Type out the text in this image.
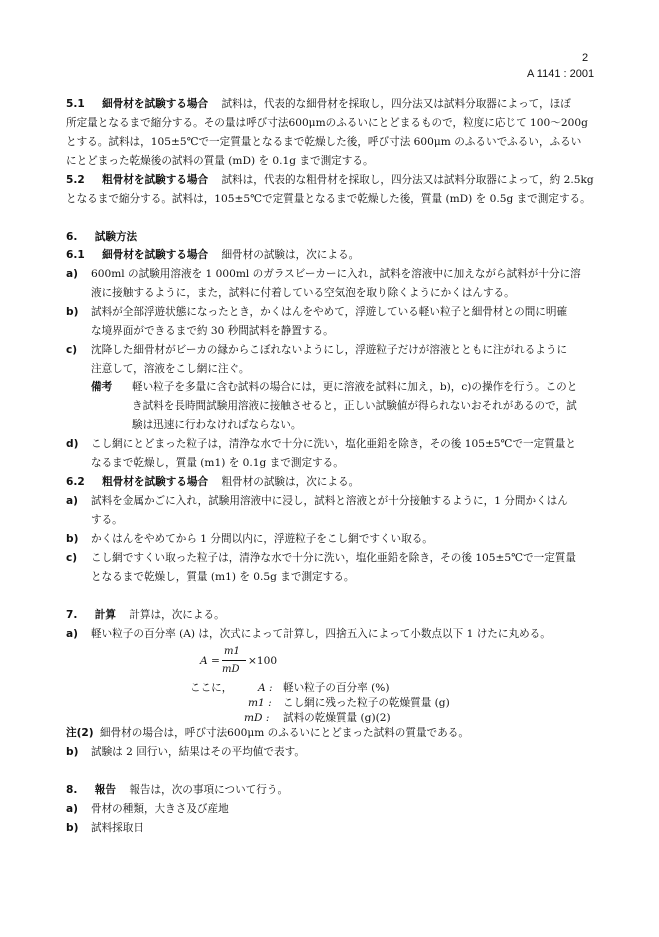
2
A 1141 : 2001
5.1 細骨材を試験する場合 試料は，代表的な細骨材を採取し，四分法又は試料分取器によって，ほぼ
所定量となるまで縮分する。その量は呼び寸法600μmのふるいにとどまるもので，粒度に応じて 100～200g
とする。試料は，105±5℃で一定質量となるまで乾燥した後，呼び寸法 600μm のふるいでふるい，ふるい
にとどまった乾燥後の試料の質量 (mD) を 0.1g まで測定する。
5.2 粗骨材を試験する場合 試料は，代表的な粗骨材を採取し，四分法又は試料分取器によって，約 2.5kg
となるまで縮分する。試料は，105±5℃で定質量となるまで乾燥した後，質量 (mD) を 0.5g まで測定する。
6. 試験方法
6.1 細骨材を試験する場合 細骨材の試験は，次による。
a) 600ml の試験用溶液を 1 000ml のガラスビーカーに入れ，試料を溶液中に加えながら試料が十分に溶
液に接触するように，また，試料に付着している空気泡を取り除くようにかくはんする。
b) 試料が全部浮遊状態になったとき，かくはんをやめて，浮遊している軽い粒子と細骨材との間に明確
な境界面ができるまで約 30 秒間試料を静置する。
c) 沈降した細骨材がビーカの縁からこぼれないようにし，浮遊粒子だけが溶液とともに注がれるように
注意して，溶液をこし網に注ぐ。
備考 軽い粒子を多量に含む試料の場合には，更に溶液を試料に加え，b)，c)の操作を行う。このと
き試料を長時間試験用溶液に接触させると，正しい試験値が得られないおそれがあるので，試
験は迅速に行わなければならない。
d) こし網にとどまった粒子は，清浄な水で十分に洗い，塩化亜鉛を除き，その後 105±5℃で一定質量と
なるまで乾燥し，質量 (m1) を 0.1g まで測定する。
6.2 粗骨材を試験する場合 粗骨材の試験は，次による。
a) 試料を金属かごに入れ，試験用溶液中に浸し，試料と溶液とが十分接触するように，1 分間かくはん
する。
b) かくはんをやめてから 1 分間以内に，浮遊粒子をこし網ですくい取る。
c) こし網ですくい取った粒子は，清浄な水で十分に洗い，塩化亜鉛を除き，その後 105±5℃で一定質量
となるまで乾燥し，質量 (m1) を 0.5g まで測定する。
7. 計算 計算は，次による。
a) 軽い粒子の百分率 (A) は，次式によって計算し，四捨五入によって小数点以下 1 けたに丸める。
A =
m1
mD
×100
ここに， A : 軽い粒子の百分率 (%)
m1 : こし網に残った粒子の乾燥質量 (g)
mD : 試料の乾燥質量 (g)(2)
注(2) 細骨材の場合は，呼び寸法600μm のふるいにとどまった試料の質量である。
b) 試験は 2 回行い，結果はその平均値で表す。
8. 報告 報告は，次の事項について行う。
a) 骨材の種類，大きさ及び産地
b) 試料採取日
